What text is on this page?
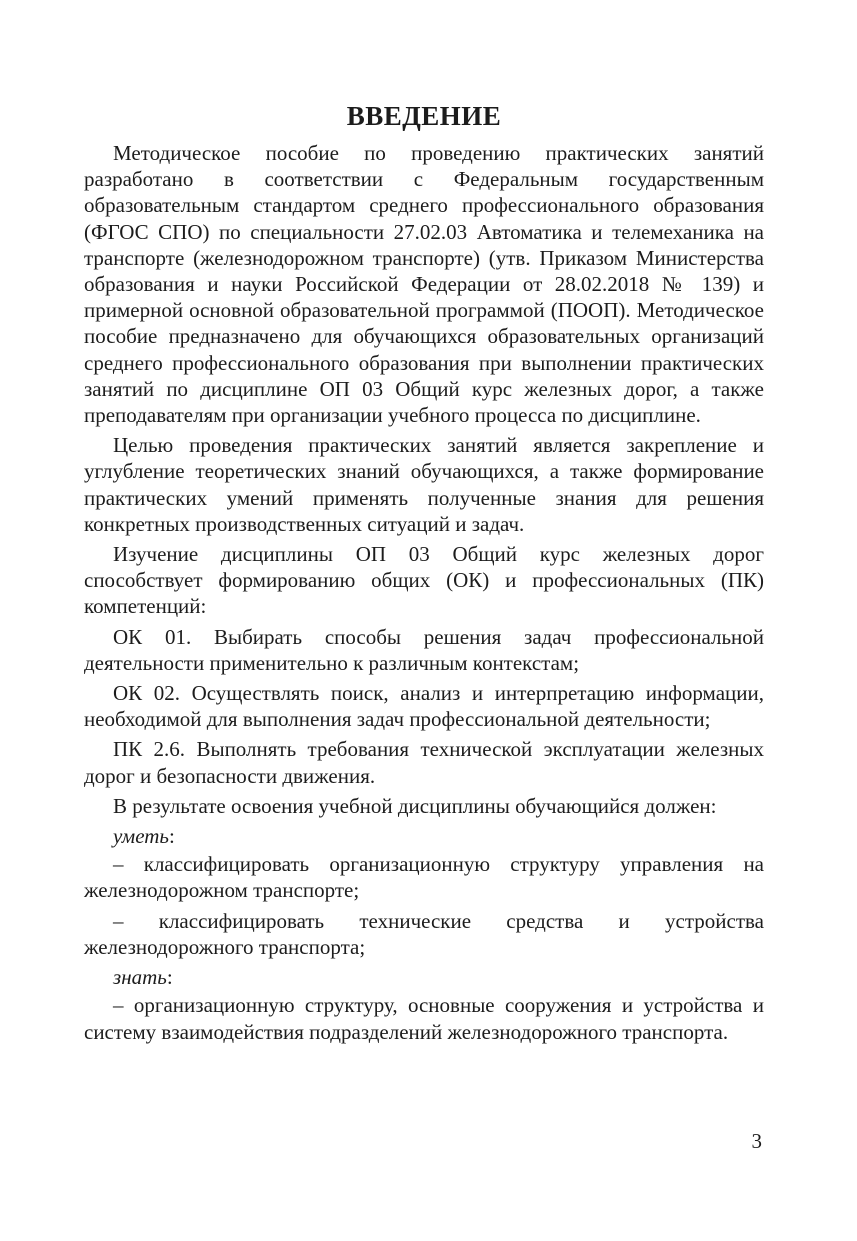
ВВЕДЕНИЕ

Методическое пособие по проведению практических занятий разработано в соответствии с Федеральным государственным образовательным стандартом среднего профессионального образования (ФГОС СПО) по специальности 27.02.03 Автоматика и телемеханика на транспорте (железнодорожном транспорте) (утв. Приказом Министерства образования и науки Российской Федерации от 28.02.2018 № 139) и примерной основной образовательной программой (ПООП). Методическое пособие предназначено для обучающихся образовательных организаций среднего профессионального образования при выполнении практических занятий по дисциплине ОП 03 Общий курс железных дорог, а также преподавателям при организации учебного процесса по дисциплине.

Целью проведения практических занятий является закрепление и углубление теоретических знаний обучающихся, а также формирование практических умений применять полученные знания для решения конкретных производственных ситуаций и задач.

Изучение дисциплины ОП 03 Общий курс железных дорог способствует формированию общих (ОК) и профессиональных (ПК) компетенций:

ОК 01. Выбирать способы решения задач профессиональной деятельности применительно к различным контекстам;

ОК 02. Осуществлять поиск, анализ и интерпретацию информации, необходимой для выполнения задач профессиональной деятельности;

ПК 2.6. Выполнять требования технической эксплуатации железных дорог и безопасности движения.

В результате освоения учебной дисциплины обучающийся должен:

уметь:

– классифицировать организационную структуру управления на железнодорожном транспорте;

– классифицировать технические средства и устройства железнодорожного транспорта;

знать:

– организационную структуру, основные сооружения и устройства и систему взаимодействия подразделений железнодорожного транспорта.

3
